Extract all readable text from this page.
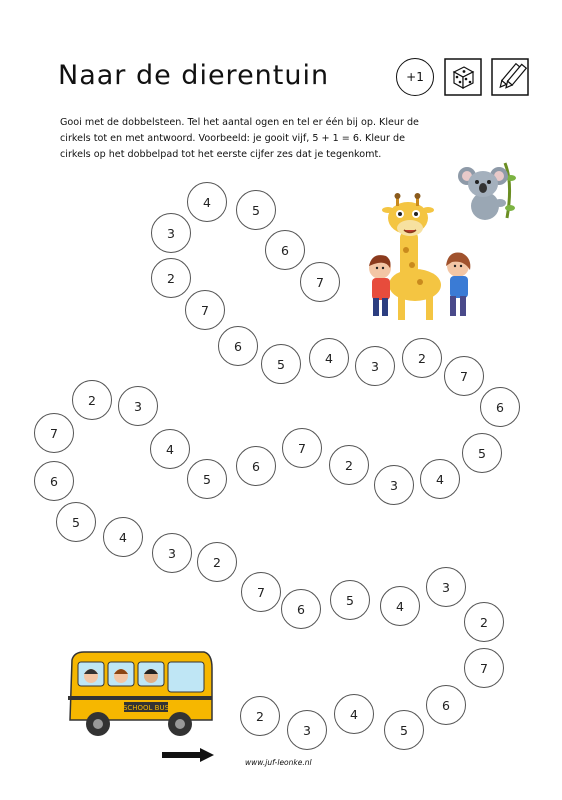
Naar de dierentuin	+1
Gooi met de dobbelsteen. Tel het aantal ogen en tel er één bij op. Kleur de
cirkels tot en met antwoord. Voorbeeld: je gooit vijf, 5 + 1 = 6. Kleur de
cirkels op het dobbelpad tot het eerste cijfer zes dat je tegenkomt.
SCHOOL BUS
2
3
4
5
6
7
2
3
4
5
6
7
2
3
4
5
6
7
2	3
4
5
6
7
2
3	4
5
6
7
2
3
4
5
6
7
2
3
4
5
6
7
www.juf-leonke.nl
